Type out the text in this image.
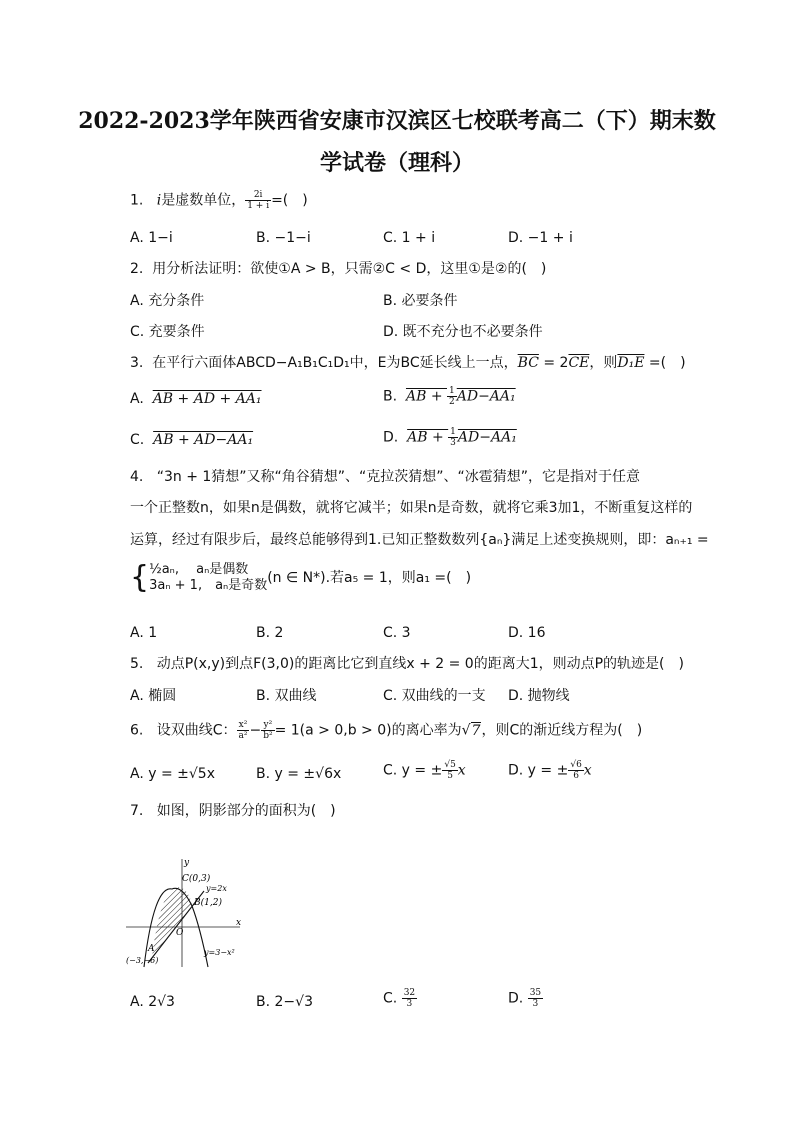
2022-2023学年陕西省安康市汉滨区七校联考高二（下）期末数
学试卷（理科）
1. i是虚数单位， $\frac{2i}{1 + i}$ =(　)
A. 1−i	B. −1−i	C. 1 + i	D. −1 + i
2. 用分析法证明：欲使①A > B，只需②C < D，这里①是②的(　)
A. 充分条件	B. 必要条件
C. 充要条件	D. 既不充分也不必要条件
3. 在平行六面体ABCD−A₁B₁C₁D₁中，E为BC延长线上一点，$\overline{BC} = 2\overline{CE}$，则D₁E =(　)
A. AB + AD + AA₁	B. AB + $\frac{1}{2} AD-AA_1$
C. AB + AD−AA₁	D. AB + $\frac{1}{3} AD-AA_1$
4. “3n + 1猜想”又称“角谷猜想”、“克拉茨猜想”、“冰雹猜想”，它是指对于任意
一个正整数n，如果n是偶数，就将它减半；如果n是奇数，就将它乘3加1，不断重复这样的
运算，经过有限步后，最终总能够得到1.已知正整数数列{aₙ}满足上述变换规则，即：aₙ₊₁ =
{ ½aₙ,　 aₙ是偶数
3aₙ + 1,　aₙ是奇数 (n ∈ N*).若a₅ = 1，则a₁ =(　)
A. 1	B. 2	C. 3	D. 16
5. 动点P(x,y)到点F(3,0)的距离比它到直线x + 2 = 0的距离大1，则动点P的轨迹是(　)
A. 椭圆	B. 双曲线	C. 双曲线的一支 D. 抛物线
6. 设双曲线C： $\frac{\text{x²}}{\text{a²}} - \frac{\text{y²}}{\text{b²}} = 1(a > 0,b > 0)$的离心率为√7，则C的渐近线方程为(　)
A. y = ±√5x	B. y = ±√6x	C. y = ± $\frac{√5}{5}$ x	D. y = ± $\frac{√6}{6}$ x
7. 如图，阴影部分的面积为(　)
y
x
O
C(0,3)
y=2x
B(1,2)
A
(−3,−6)
y=3−x²
A. 2√3	B. 2−√3	C. $\frac{32}{3}$	D. $\frac{35}{3}$
